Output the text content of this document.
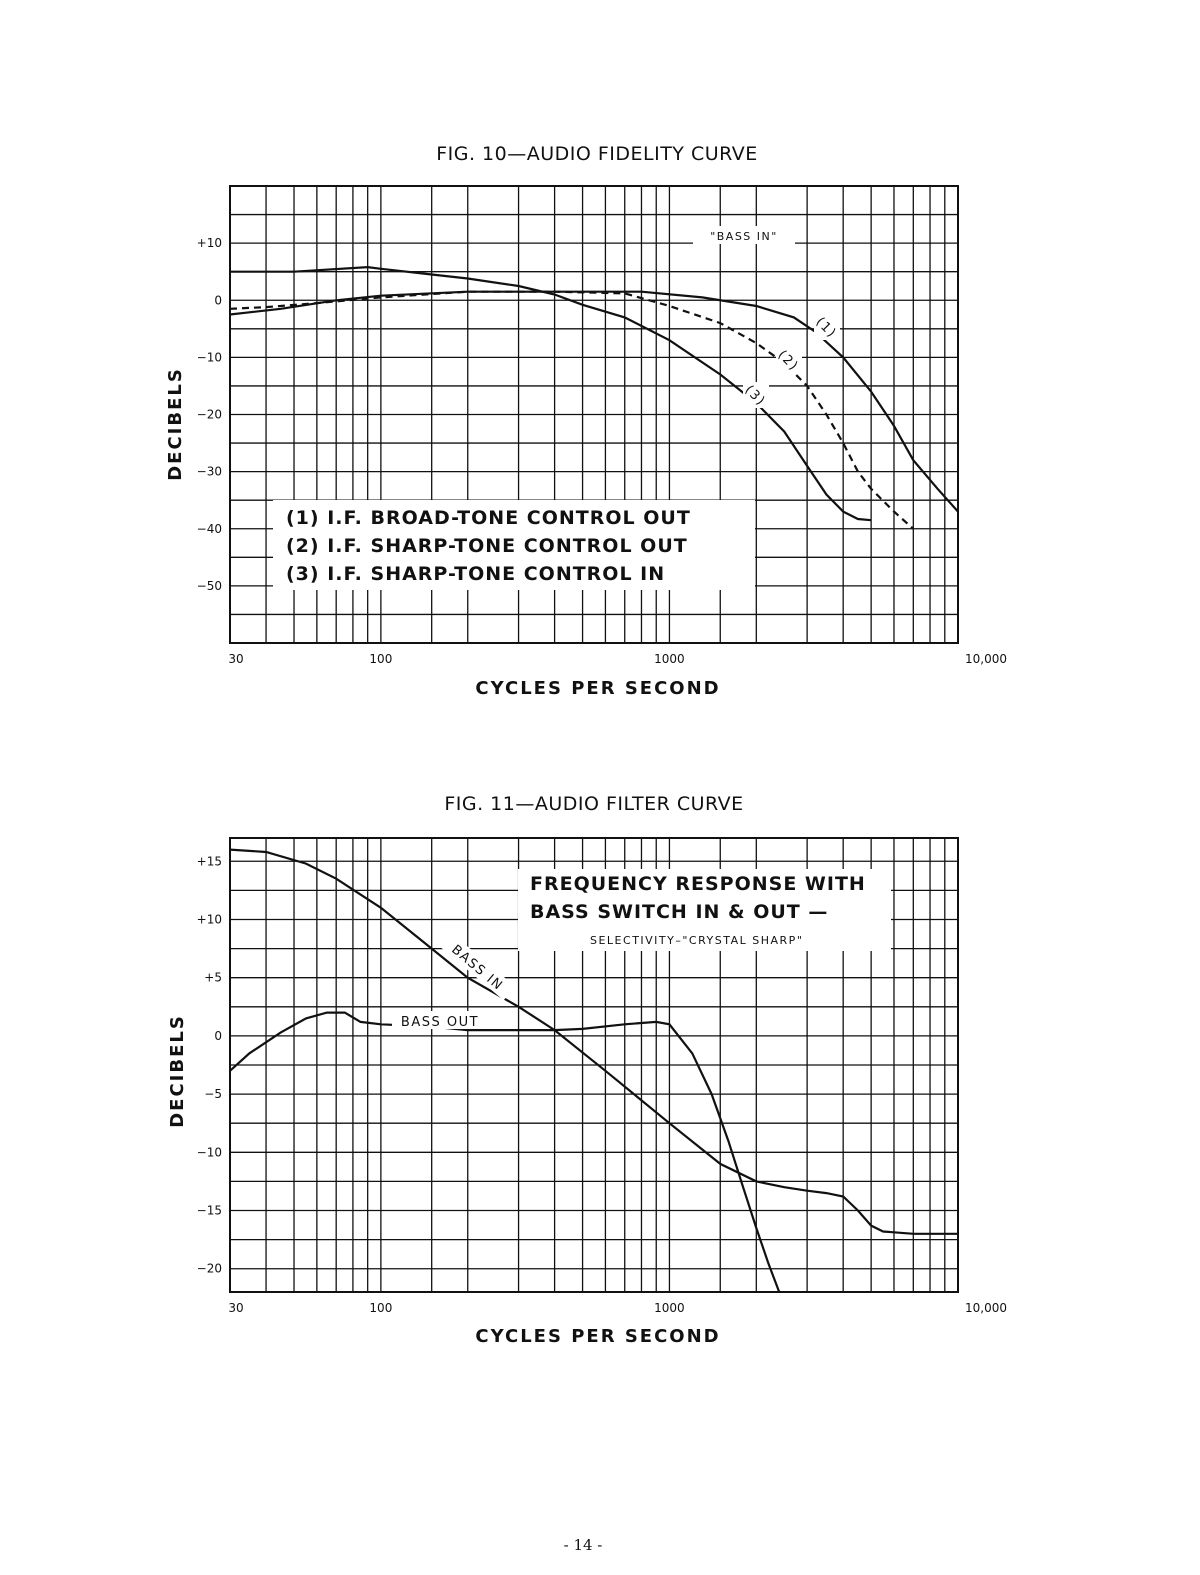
FIG. 10—AUDIO FIDELITY CURVE
FIG. 11—AUDIO FILTER CURVE
+10
0
−10
−20
−30
−40
−50
30	100	1000	10,000
DECIBELS
CYCLES PER SECOND
"BASS IN"
(1)
(2)
(3)
(1) I.F. BROAD-TONE CONTROL OUT
(2) I.F. SHARP-TONE CONTROL OUT
(3) I.F. SHARP-TONE CONTROL IN
+15
+10
+5
0
−5
−10
−15
−20
30	100	1000	10,000
DECIBELS
CYCLES PER SECOND
FREQUENCY RESPONSE WITH
BASS SWITCH IN & OUT —
SELECTIVITY–"CRYSTAL SHARP"
BASS IN
BASS OUT
- 14 -
